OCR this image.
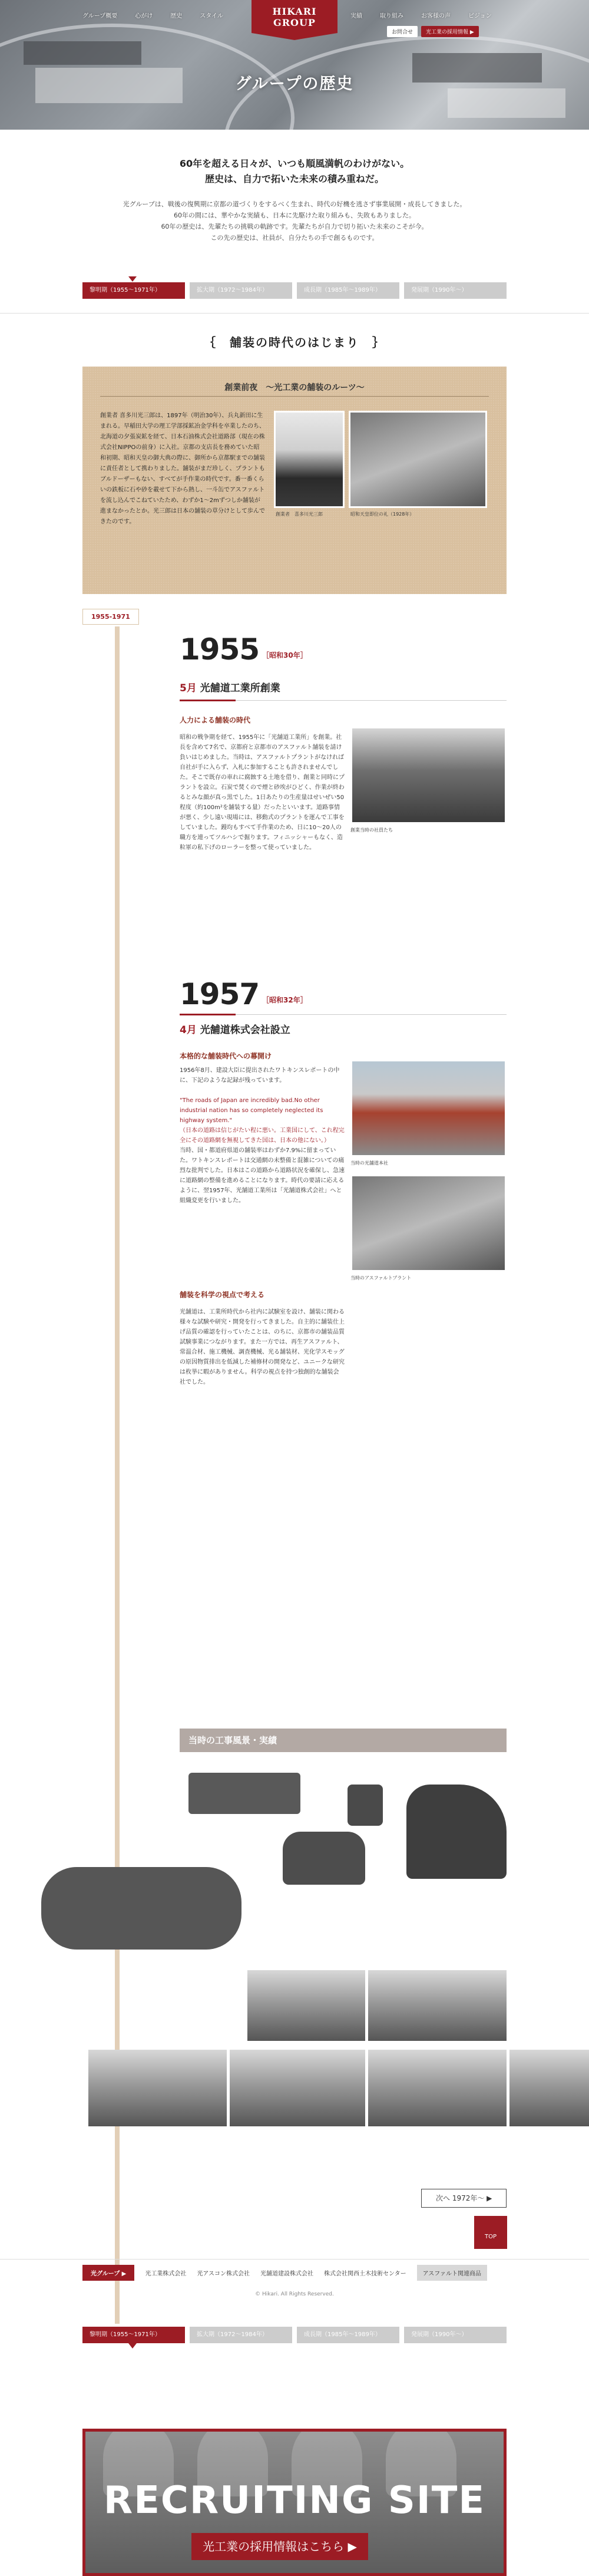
グループ概要	心がけ	歴史	スタイル	HIKARI
GROUP
実績	取り組み	お客様の声	ビジョン
お問合せ	光工業の採用情報 ▶
グループの歴史
60年を超える日々が、いつも順風満帆のわけがない。
歴史は、自力で拓いた未来の積み重ねだ。

光グループは、戦後の復興期に京都の道づくりをするべく生まれ、時代の好機を逃さず事業展開・成長してきました。
60年の間には、華やかな実績も、日本に先駆けた取り組みも、失敗もありました。
60年の歴史は、先輩たちの挑戦の軌跡です。先輩たちが自力で切り拓いた未来のこそが今。
この先の歴史は、社員が、自分たちの手で創るものです。

黎明期（1955〜1971年）	拡大期（1972〜1984年）	成長期（1985年〜1989年）	発展期（1990年〜）
｛　舗装の時代のはじまり　｝
創業前夜　〜光工業の舗装のルーツ〜
創業者 喜多川光三郎は、1897年（明治30年）、兵丸新田に生まれる。早稲田大学の理工学部採鉱冶金学科を卒業したのち、北海道の夕張炭鉱を経て、日本石油株式会社道路部（現在の株式会社NIPPOの前身）に入社。京都の支店長を務めていた昭和初期、昭和天皇の御大典の際に、御所から京都駅までの舗装に責任者として携わりました。舗装がまだ珍しく、プラントもブルドーザーもない、すべてが手作業の時代です。番一番くらいの鉄板に石や砂を載せて下から熱し、一斗缶でアスファルトを流し込んでこねていたため、わずか1〜2mずつしか舗装が進まなかったとか。光三郎は日本の舗装の草分けとして歩んできたのです。
創業者　喜多川光三郎	昭和天皇即位の礼（1928年）
1955-1971
1955 ［昭和30年］
5月 光舗道工業所創業
人力による舗装の時代
昭和の戦争期を経て、1955年に「光舗道工業所」を創業。社長を含めて7名で、京都府と京都市のアスファルト舗装を請け負いはじめました。当時は、アスファルトプラントがなければ自社が手に入らず、入札に参加することも許されませんでした。そこで既存の車れに腐蝕する土地を借り、創業と同時にプラントを設立。石炭で焚くので煙と砂埃がひどく、作業が終わるとみな顔が真っ黒でした。1日あたりの生産量はせいぜい50程度（約100m²を舗装する量）だったといいます。道路事情が悪く、少し遠い現場には、移動式のプラントを運んで工事をしていました。鏝均もすべて手作業のため、日に10〜20人の職方を連ってツルハシで掘ります。フィニッシャーもなく、造粒軍の私下げのローラーを整って使っていました。
創業当時の社員たち
1957 ［昭和32年］
4月 光舗道株式会社設立
本格的な舗装時代への幕開け
1956年8月、建設大臣に提出されたワトキンスレポートの中に、下記のような記録が残っています。

"The roads of Japan are incredibly bad.No other industrial nation has so completely neglected its highway system."
（日本の道路は信じがたい程に悪い。工業国にして、これ程完全にその道路網を無視してきた国は、日本の他にない。）
当時、国・都道府県道の舗装率はわずか7.9%に留まっていた。ワトキンスレポートは交通網の未整備と混雑についての痛烈な批判でした。日本はこの道路から道路状況を確保し、急速に道路網の整備を進めることになります。時代の要請に応えるように、翌1957年、光舗道工業所は「光舗道株式会社」へと組織変更を行いました。
当時の光舗道本社
当時のアスファルトプラント
舗装を科学の視点で考える
光舗道は、工業所時代から社内に試験室を設け、舗装に関わる様々な試験や研究・開発を行ってきました。自主的に舗装仕上げ品質の確認を行っていたことは、のちに、京都市の舗装品質試験事業につながります。また一方では、再生アスファルト、常温合材、施工機械、調査機械、光る舗装材、光化学スモッグの原因物質排出を低減した補修材の開発など、ユニークな研究は枚挙に暇がありません。科学の視点を持つ独創的な舗装会社でした。
当時の工事風景・実績
次へ 1972年〜 ▶
黎明期（1955〜1971年）	拡大期（1972〜1984年）	成長期（1985年〜1989年）	発展期（1990年〜）
RECRUITING SITE
光工業の採用情報はこちら ▶
TOP
光グループ ▶	光工業株式会社 光アスコン株式会社 光舗道建設株式会社 株式会社関西土木技術センター	アスファルト関連商品
© Hikari. All Rights Reserved.
